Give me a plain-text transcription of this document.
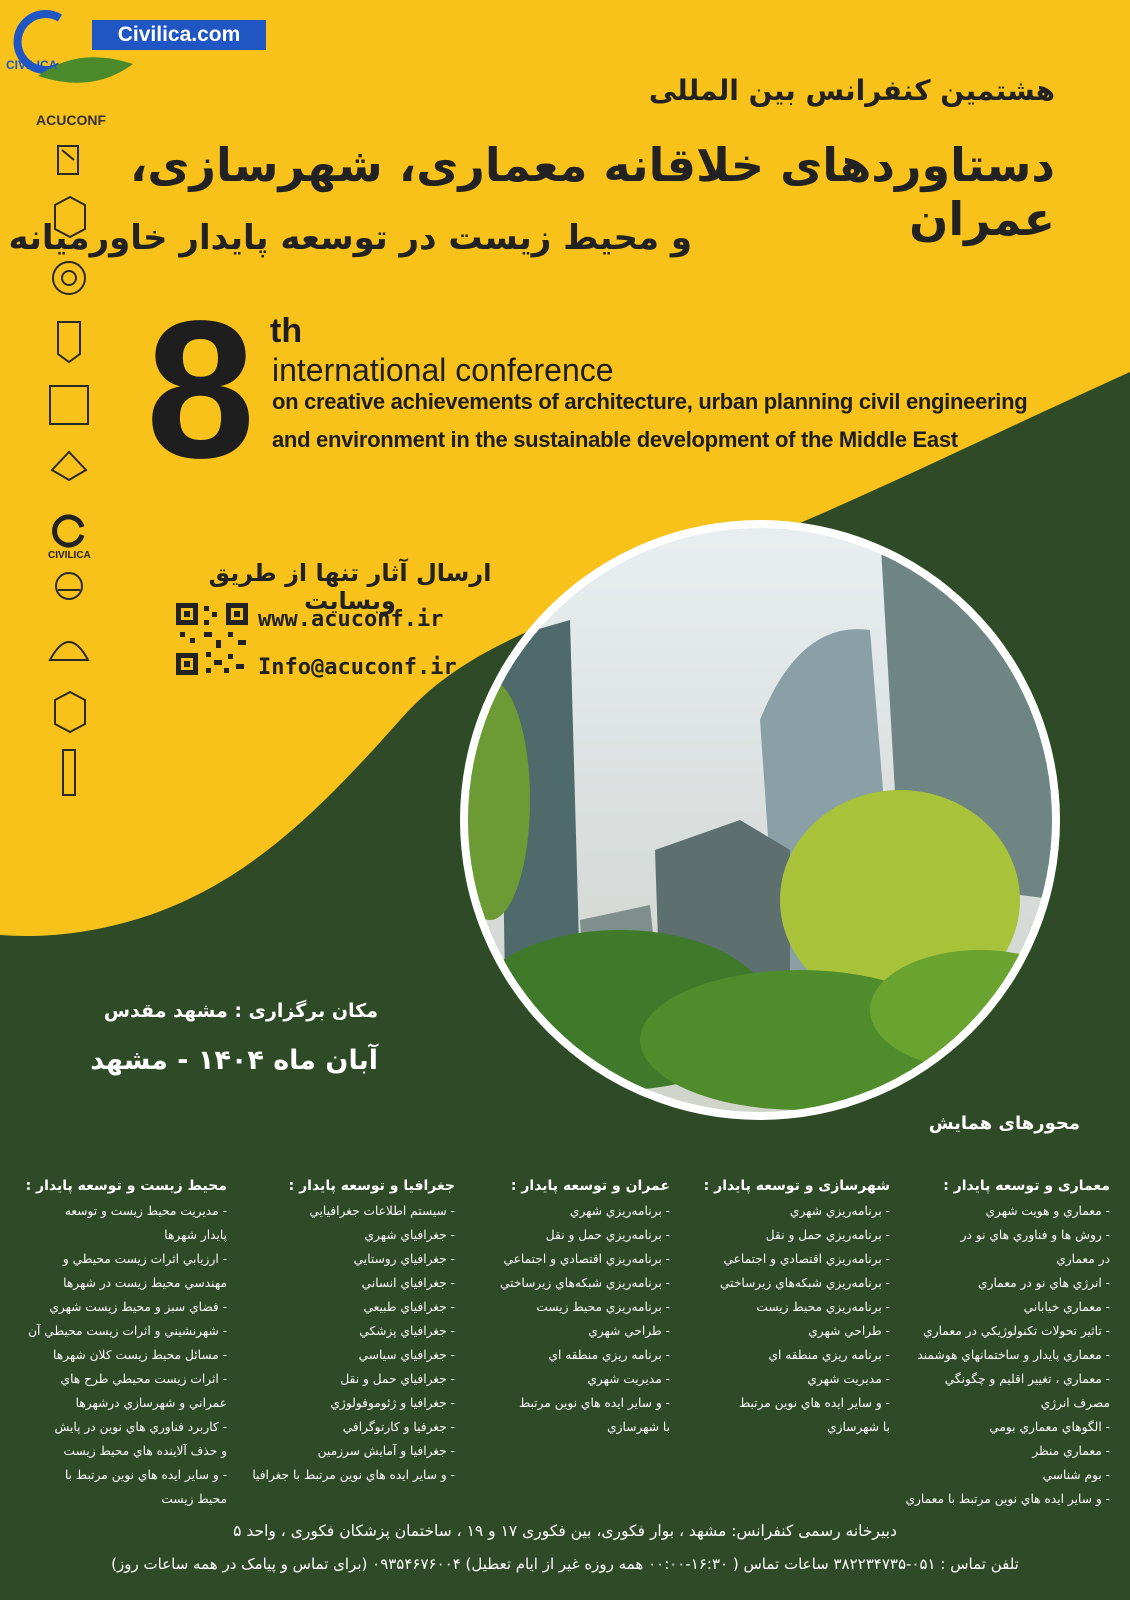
Civilica.com
CIVILICA
ACUCONF
CIVILICA
هشتمین کنفرانس بین المللی
دستاوردهای خلاقانه معماری، شهرسازی، عمران
و محیط زیست در توسعه پایدار خاورمیانه
8 th
international conference
on creative achievements of architecture, urban planning civil engineering
and environment in the sustainable development of the Middle East
ارسال آثار تنها از طریق وبسایت
www.acuconf.ir
Info@acuconf.ir
مکان برگزاری : مشهد مقدس
آبان ماه ۱۴۰۴ - مشهد
محورهای همایش
معماری و توسعه پایدار :
- معماري و هويت شهري
- روش ها و فناوري هاي نو در
در معماري
- انرژي هاي نو در معماري
- معماري خياباني
- تاثير تحولات تکنولوژيکي در معماري
- معماري پايدار و ساختمانهاي هوشمند
- معماري ، تغيير اقليم و چگونگي
مصرف انرژي
- الگوهاي معماري بومي
- معماري منظر
- بوم شناسي
- و ساير ايده هاي نوين مرتبط با معماري
شهرسازی و توسعه پایدار :
- برنامه‌ريزي شهري
- برنامه‌ريزي حمل و نقل
- برنامه‌ريزي اقتصادي و اجتماعي
- برنامه‌ريزي شبکه‌هاي زيرساختي
- برنامه‌ريزي محيط زيست
- طراحي شهري
- برنامه ريزي منطقه اي
- مديريت شهري
- و ساير ايده هاي نوين مرتبط
با شهرسازي
عمران و توسعه پایدار :
- برنامه‌ريزي شهري
- برنامه‌ريزي حمل و نقل
- برنامه‌ريزي اقتصادي و اجتماعي
- برنامه‌ريزي شبکه‌هاي زيرساختي
- برنامه‌ريزي محيط زيست
- طراحي شهري
- برنامه ريزي منطقه اي
- مديريت شهري
- و ساير ايده هاي نوين مرتبط
با شهرسازي
جغرافیا و توسعه پایدار :
- سيستم اطلاعات جغرافيايي
- جغرافياي شهري
- جغرافياي روستايي
- جغرافياي انساني
- جغرافياي طبيعي
- جغرافياي پزشکي
- جغرافياي سياسي
- جغرافياي حمل و نقل
- جغرافيا و ژئوموفولوژي
- جغرفيا و کارتوگرافي
- جغرافيا و آمايش سرزمين
- و ساير ايده هاي نوين مرتبط با جغرافيا
محیط زیست و توسعه پایدار :
- مديريت محيط زيست و توسعه
پايدار شهرها
- ارزيابي اثرات زيست محيطي و
مهندسي محيط زيست در شهرها
- فضاي سبز و محيط زيست شهري
- شهرنشيني و اثرات زيست محيطي آن
- مسائل محيط زيست کلان شهرها
- اثرات زيست محيطي طرح هاي
عمراني و شهرسازي درشهرها
- کاربرد فناوري هاي نوين در پايش
و حذف آلاينده هاي محيط زيست
- و ساير ايده هاي نوين مرتبط با
محيط زيست
دبیرخانه رسمی کنفرانس: مشهد ، بوار فکوری، بین فکوری ۱۷ و ۱۹ ، ساختمان پزشکان فکوری ، واحد ۵
تلفن تماس : ۰۵۱-۳۸۲۲۳۴۷۳۵ ساعات تماس ( ۱۶:۳۰-۰۰:۰۰ همه روزه غیر از ایام تعطیل) ۰۹۳۵۴۶۷۶۰۰۴ (برای تماس و پیامک در همه ساعات روز)
